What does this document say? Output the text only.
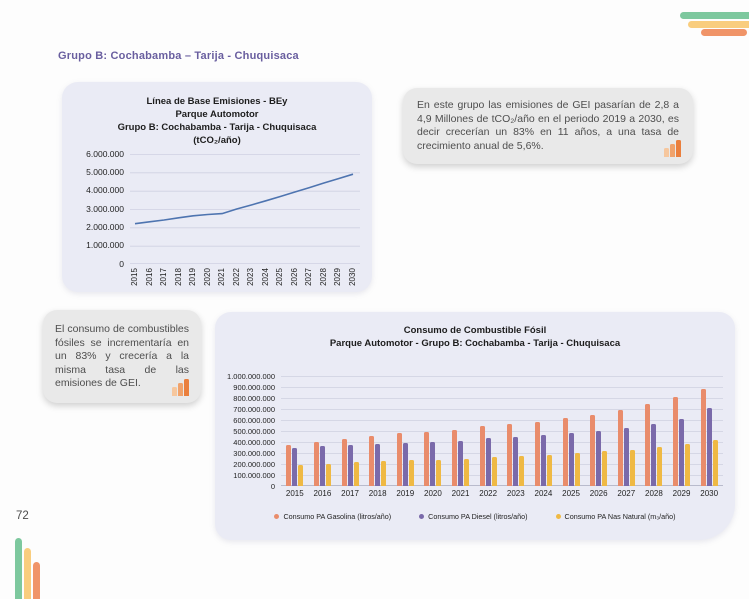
Grupo B: Cochabamba – Tarija - Chuquisaca
Línea de Base Emisiones - BEy
Parque Automotor
Grupo B: Cochabamba - Tarija - Chuquisaca
(tCO₂/año)
6.000.000
5.000.000
4.000.000
3.000.000
2.000.000
1.000.000
0
2015 2016 2017 2018 2019 2020 2021 2022 2023 2024 2025 2026 2027 2028 2029 2030

En este grupo las emisiones de GEI pasarían de 2,8 a 4,9 Millones de tCO₂/año en el periodo 2019 a 2030, es decir crecerían un 83% en 11 años, a una tasa de crecimiento anual de 5,6%.

El consumo de combustibles fósiles se incrementaría en un 83% y crecería a la misma tasa de las emisiones de GEI.

Consumo de Combustible Fósil
Parque Automotor - Grupo B: Cochabamba - Tarija - Chuquisaca
1.000.000.000
900.000.000
800.000.000
700.000.000
600.000.000
500.000.000
400.000.000
300.000.000
200.000.000
100.000.000
0
2015	2016	2017	2018	2019	2020	2021	2022	2023	2024	2025	2026	2027	2028	2029	2030
Consumo PA Gasolina (litros/año)	Consumo PA Diesel (litros/año)	Consumo PA Nas Natural (m₃/año)
72
